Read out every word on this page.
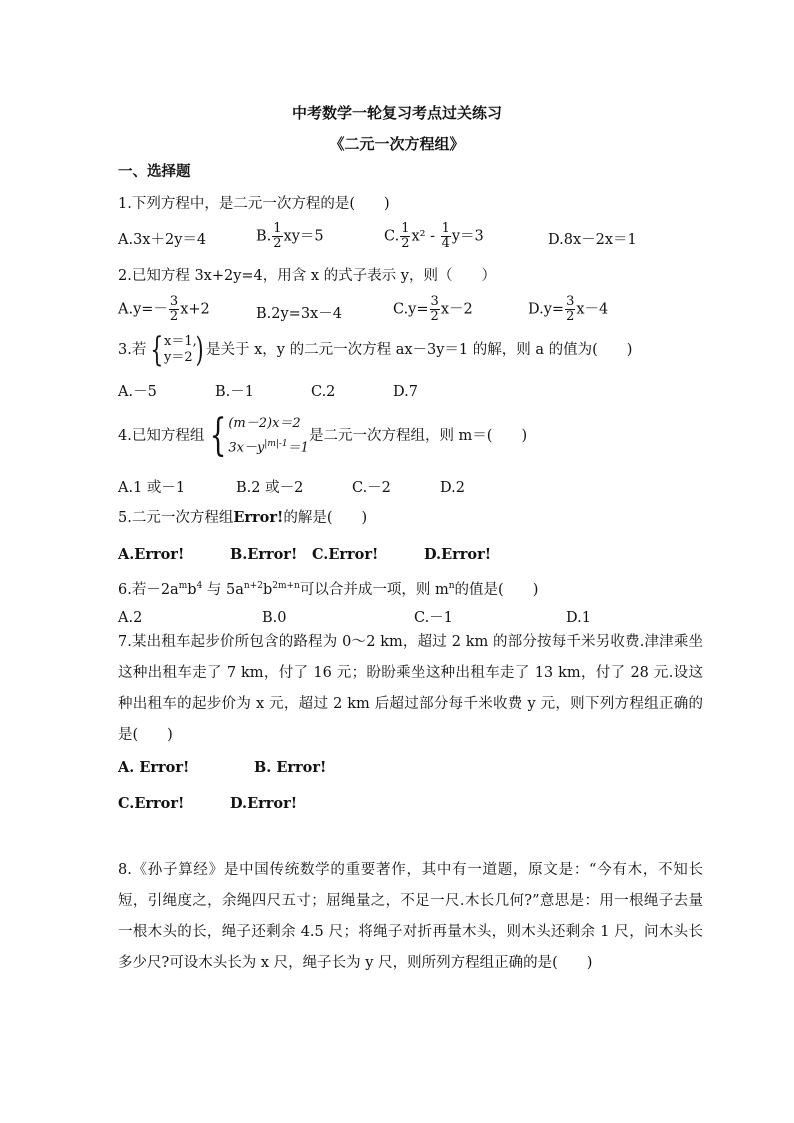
中考数学一轮复习考点过关练习
《二元一次方程组》
一、选择题
1.下列方程中，是二元一次方程的是(　　)
A.3x＋2y＝4	B. $\frac{1}{2} xy=5$	C. $\frac{1}{2} x^2 - \frac{1}{4} y=3$	D.8x－2x＝1
2.已知方程 3x+2y=4，用含 x 的式子表示 y，则（　　）
$A.y=- \frac{3}{2} x+2$	B.2y=3x－4	$C.y= \frac{3}{2} x-2$	$D.y= \frac{3}{2} x-4$
3.若 { x＝1,
y＝2 ) 是关于 x，y 的二元一次方程 ax－3y＝1 的解，则 a 的值为(　　)
A.－5	B.－1	C.2	D.7
4.已知方程组 { (m－2)x＝2
$3x-y^{|m|-1}=1$
是二元一次方程组，则 m＝(　　)
A.1 或－1	B.2 或－2	C.－2	D.2
5.二元一次方程组Error!的解是(　　)
A.Error!	B.Error! C.Error!	D.Error!
6.若$-2a^mb^4$ 与 $5a^{n+2}b^{2m+n}$可以合并成一项，则 $m^n$的值是(　　)
A.2	B.0	C.－1	D.1
7.某出租车起步价所包含的路程为 0～2 km，超过 2 km 的部分按每千米另收费.津津乘坐这种出租车走了 7 km，付了 16 元；盼盼乘坐这种出租车走了 13 km，付了 28 元.设这种出租车的起步价为 x 元，超过 2 km 后超过部分每千米收费 y 元，则下列方程组正确的是(　　)
A. Error!	B. Error!
C.Error!	D.Error!
8.《孙子算经》是中国传统数学的重要著作，其中有一道题，原文是：“今有木，不知长短，引绳度之，余绳四尺五寸；屈绳量之，不足一尺.木长几何?”意思是：用一根绳子去量一根木头的长，绳子还剩余 4.5 尺；将绳子对折再量木头，则木头还剩余 1 尺，问木头长多少尺?可设木头长为 x 尺，绳子长为 y 尺，则所列方程组正确的是(　　)
